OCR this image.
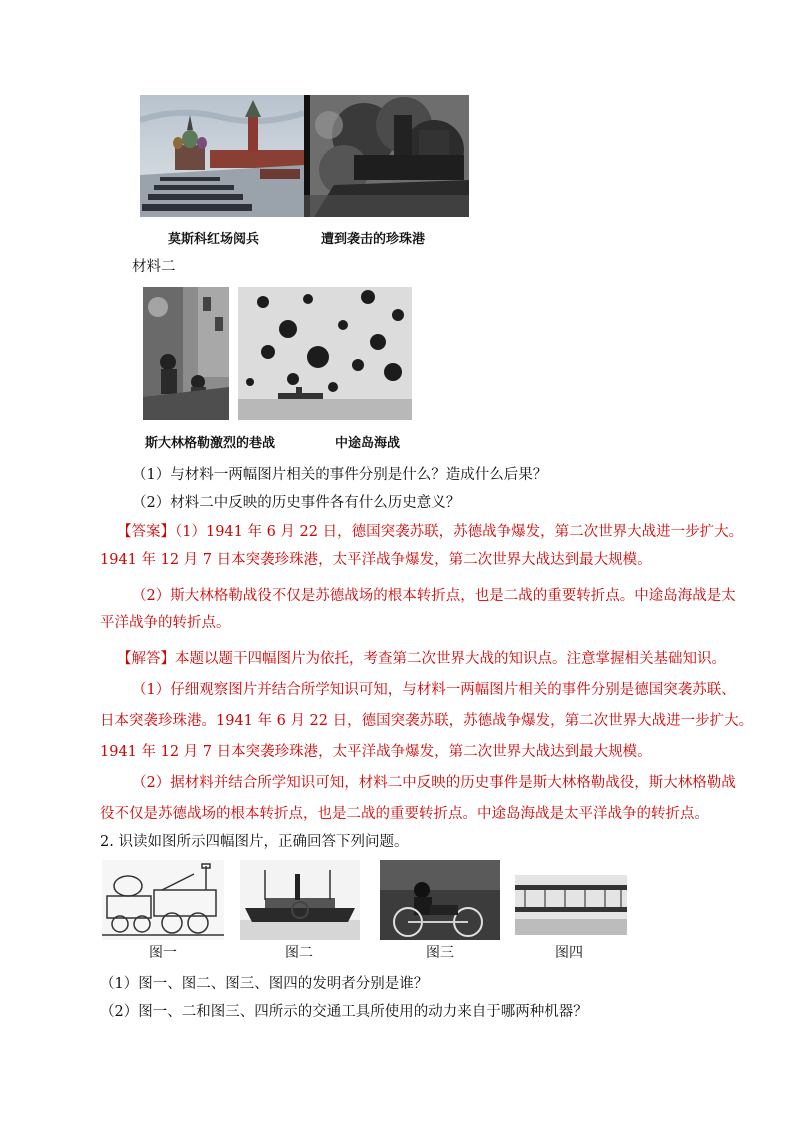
莫斯科红场阅兵	遭到袭击的珍珠港
材料二
斯大林格勒激烈的巷战	中途岛海战
（1）与材料一两幅图片相关的事件分别是什么？造成什么后果？
（2）材料二中反映的历史事件各有什么历史意义？
【答案】（1）1941 年 6 月 22 日，德国突袭苏联，苏德战争爆发，第二次世界大战进一步扩大。
1941 年 12 月 7 日本突袭珍珠港，太平洋战争爆发，第二次世界大战达到最大规模。
（2）斯大林格勒战役不仅是苏德战场的根本转折点，也是二战的重要转折点。中途岛海战是太
平洋战争的转折点。
【解答】本题以题干四幅图片为依托，考查第二次世界大战的知识点。注意掌握相关基础知识。
（1）仔细观察图片并结合所学知识可知，与材料一两幅图片相关的事件分别是德国突袭苏联、
日本突袭珍珠港。1941 年 6 月 22 日，德国突袭苏联，苏德战争爆发，第二次世界大战进一步扩大。
1941 年 12 月 7 日本突袭珍珠港，太平洋战争爆发，第二次世界大战达到最大规模。
（2）据材料并结合所学知识可知，材料二中反映的历史事件是斯大林格勒战役，斯大林格勒战
役不仅是苏德战场的根本转折点，也是二战的重要转折点。中途岛海战是太平洋战争的转折点。
2. 识读如图所示四幅图片，正确回答下列问题。
图一	图二	图三	图四
（1）图一、图二、图三、图四的发明者分别是谁？
（2）图一、二和图三、四所示的交通工具所使用的动力来自于哪两种机器？
